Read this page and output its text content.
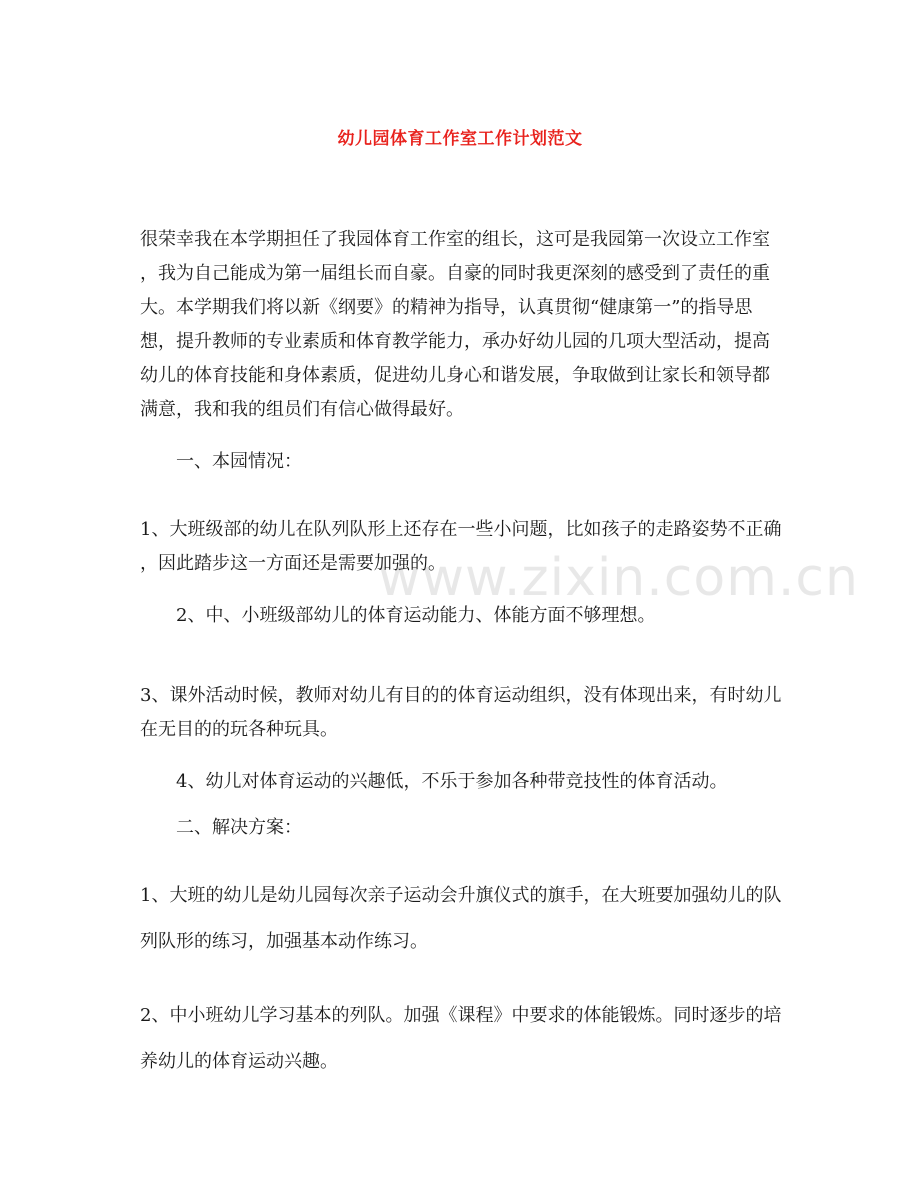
幼儿园体育工作室工作计划范文
很荣幸我在本学期担任了我园体育工作室的组长，这可是我园第一次设立工作室
，我为自己能成为第一届组长而自豪。自豪的同时我更深刻的感受到了责任的重
大。本学期我们将以新《纲要》的精神为指导，认真贯彻“健康第一”的指导思
想，提升教师的专业素质和体育教学能力，承办好幼儿园的几项大型活动，提高
幼儿的体育技能和身体素质，促进幼儿身心和谐发展，争取做到让家长和领导都
满意，我和我的组员们有信心做得最好。
一、本园情况：
1、大班级部的幼儿在队列队形上还存在一些小问题，比如孩子的走路姿势不正确
，因此踏步这一方面还是需要加强的。
2、中、小班级部幼儿的体育运动能力、体能方面不够理想。
3、课外活动时候，教师对幼儿有目的的体育运动组织，没有体现出来，有时幼儿
在无目的的玩各种玩具。
4、幼儿对体育运动的兴趣低，不乐于参加各种带竞技性的体育活动。
二、解决方案：
1、大班的幼儿是幼儿园每次亲子运动会升旗仪式的旗手，在大班要加强幼儿的队
列队形的练习，加强基本动作练习。
2、中小班幼儿学习基本的列队。加强《课程》中要求的体能锻炼。同时逐步的培
养幼儿的体育运动兴趣。
www.zixin.com.cn
